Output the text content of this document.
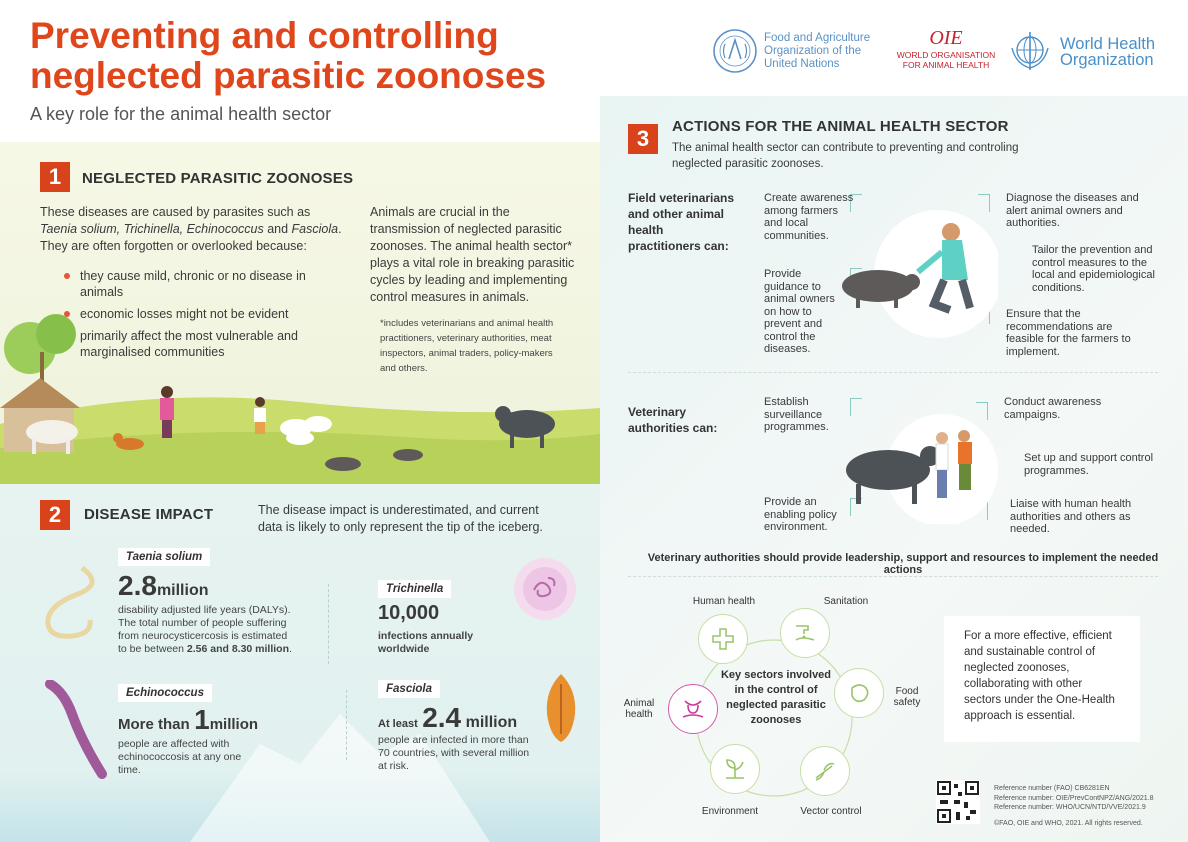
Preventing and controlling
neglected parasitic zoonoses
A key role for the animal health sector
Food and Agriculture
Organization of the
United Nations
OIE
WORLD ORGANISATION
FOR ANIMAL HEALTH
World Health
Organization
1	NEGLECTED PARASITIC ZOONOSES
These diseases are caused by parasites such as Taenia solium, Trichinella, Echinococcus and Fasciola. They are often forgotten or overlooked because:
they cause mild, chronic or no disease in animals
economic losses might not be evident
primarily affect the most vulnerable and marginalised communities
Animals are crucial in the transmission of neglected parasitic zoonoses. The animal health sector* plays a vital role in breaking parasitic cycles by leading and implementing control measures in animals.
*includes veterinarians and animal health practitioners, veterinary authorities, meat inspectors, animal traders, policy-makers and others.
2	DISEASE IMPACT	The disease impact is underestimated, and current data is likely to only represent the tip of the iceberg.
Taenia solium
2.8million
disability adjusted life years (DALYs). The total number of people suffering from neurocysticercosis is estimated to be between 2.56 and 8.30 million.
Trichinella
10,000
infections annually worldwide
Echinococcus
More than 1million
people are affected with echinococcosis at any one time.
Fasciola
At least 2.4 million
people are infected in more than 70 countries, with several million at risk.
3	ACTIONS FOR THE ANIMAL HEALTH SECTOR
The animal health sector can contribute to preventing and controling neglected parasitic zoonoses.
Field veterinarians and other animal health practitioners can:
Create awareness among farmers and local communities.
Provide guidance to animal owners on how to prevent and control the diseases.
Diagnose the diseases and alert animal owners and authorities.
Tailor the prevention and control measures to the local and epidemiological conditions.
Ensure that the recommendations are feasible for the farmers to implement.
Veterinary authorities can:
Establish surveillance programmes.
Provide an enabling policy environment.
Conduct awareness campaigns.
Set up and support control programmes.
Liaise with human health authorities and others as needed.
Veterinary authorities should provide leadership, support and resources to implement the needed actions
Key sectors involved in the control of neglected parasitic zoonoses
Human health	Sanitation
Food safety
Vector control
Environment
Animal health
For a more effective, efficient and sustainable control of neglected zoonoses, collaborating with other sectors under the One-Health approach is essential.
Reference number (FAO) CB6281EN
Reference number: OIE/PrevContNPZ/ANG/2021.8
Reference number: WHO/UCN/NTD/VVE/2021.9
©FAO, OIE and WHO, 2021. All rights reserved.
